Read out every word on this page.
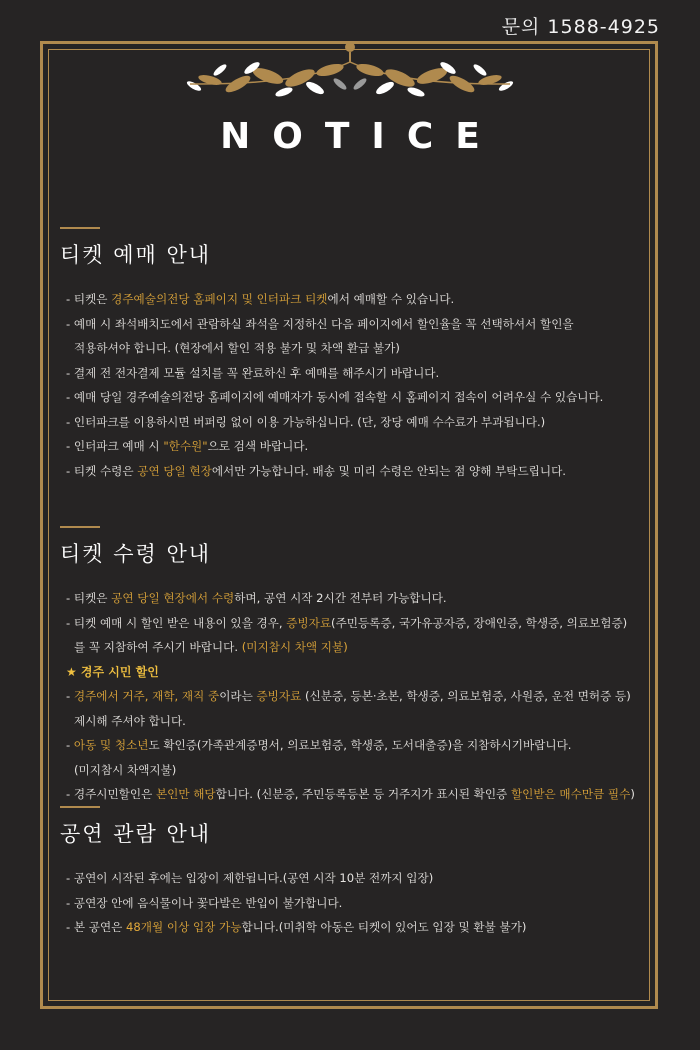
문의 1588-4925
NOTICE
티켓 예매 안내
- 티켓은 경주예술의전당 홈페이지 및 인터파크 티켓에서 예매할 수 있습니다.
- 예매 시 좌석배치도에서 관람하실 좌석을 지정하신 다음 페이지에서 할인율을 꼭 선택하셔서 할인을
적용하셔야 합니다. (현장에서 할인 적용 불가 및 차액 환급 불가)
- 결제 전 전자결제 모듈 설치를 꼭 완료하신 후 예매를 해주시기 바랍니다.
- 예매 당일 경주예술의전당 홈페이지에 예매자가 동시에 접속할 시 홈페이지 접속이 어려우실 수 있습니다.
- 인터파크를 이용하시면 버퍼링 없이 이용 가능하십니다. (단, 장당 예매 수수료가 부과됩니다.)
- 인터파크 예매 시 "한수원"으로 검색 바랍니다.
- 티켓 수령은 공연 당일 현장에서만 가능합니다. 배송 및 미리 수령은 안되는 점 양해 부탁드립니다.
티켓 수령 안내
- 티켓은 공연 당일 현장에서 수령하며, 공연 시작 2시간 전부터 가능합니다.
- 티켓 예매 시 할인 받은 내용이 있을 경우, 증빙자료(주민등록증, 국가유공자증, 장애인증, 학생증, 의료보험증)
를 꼭 지참하여 주시기 바랍니다. (미지참시 차액 지불)
★ 경주 시민 할인
- 경주에서 거주, 재학, 재직 중이라는 증빙자료 (신분증, 등본·초본, 학생증, 의료보험증, 사원증, 운전 면허증 등)
제시해 주셔야 합니다.
- 아동 및 청소년도 확인증(가족관계증명서, 의료보험증, 학생증, 도서대출증)을 지참하시기바랍니다.
(미지참시 차액지불)
- 경주시민할인은 본인만 해당합니다. (신분증, 주민등록등본 등 거주지가 표시된 확인증 할인받은 매수만큼 필수)
공연 관람 안내
- 공연이 시작된 후에는 입장이 제한됩니다.(공연 시작 10분 전까지 입장)
- 공연장 안에 음식물이나 꽃다발은 반입이 불가합니다.
- 본 공연은 48개월 이상 입장 가능합니다.(미취학 아동은 티켓이 있어도 입장 및 환불 불가)
